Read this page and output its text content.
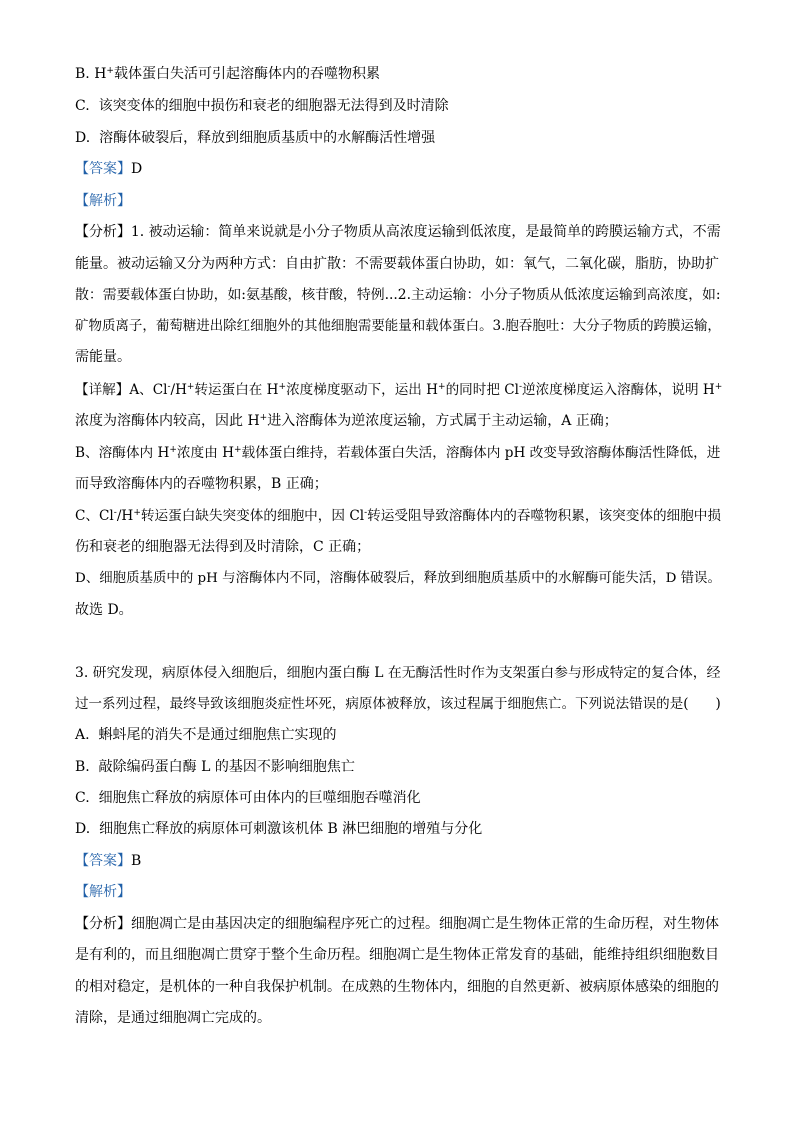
B. H+载体蛋白失活可引起溶酶体内的吞噬物积累
C. 该突变体的细胞中损伤和衰老的细胞器无法得到及时清除
D. 溶酶体破裂后，释放到细胞质基质中的水解酶活性增强
【答案】D
【解析】
【分析】1. 被动运输：简单来说就是小分子物质从高浓度运输到低浓度，是最简单的跨膜运输方式，不需
能量。被动运输又分为两种方式：自由扩散：不需要载体蛋白协助，如：氧气，二氧化碳，脂肪，协助扩
散：需要载体蛋白协助，如:氨基酸，核苷酸，特例...2.主动运输：小分子物质从低浓度运输到高浓度，如:
矿物质离子，葡萄糖进出除红细胞外的其他细胞需要能量和载体蛋白。3.胞吞胞吐：大分子物质的跨膜运输，
需能量。
【详解】A、Cl-/H+转运蛋白在 H+浓度梯度驱动下，运出 H+的同时把 Cl-逆浓度梯度运入溶酶体，说明 H+
浓度为溶酶体内较高，因此 H+进入溶酶体为逆浓度运输，方式属于主动运输，A 正确；
B、溶酶体内 H+浓度由 H+载体蛋白维持，若载体蛋白失活，溶酶体内 pH 改变导致溶酶体酶活性降低，进
而导致溶酶体内的吞噬物积累，B 正确；
C、Cl-/H+转运蛋白缺失突变体的细胞中，因 Cl-转运受阻导致溶酶体内的吞噬物积累，该突变体的细胞中损
伤和衰老的细胞器无法得到及时清除，C 正确；
D、细胞质基质中的 pH 与溶酶体内不同，溶酶体破裂后，释放到细胞质基质中的水解酶可能失活，D 错误。
故选 D。
3. 研究发现，病原体侵入细胞后，细胞内蛋白酶 L 在无酶活性时作为支架蛋白参与形成特定的复合体，经
过一系列过程，最终导致该细胞炎症性坏死，病原体被释放，该过程属于细胞焦亡。下列说法错误的是(　　)
A. 蝌蚪尾的消失不是通过细胞焦亡实现的
B. 敲除编码蛋白酶 L 的基因不影响细胞焦亡
C. 细胞焦亡释放的病原体可由体内的巨噬细胞吞噬消化
D. 细胞焦亡释放的病原体可刺激该机体 B 淋巴细胞的增殖与分化
【答案】B
【解析】
【分析】细胞凋亡是由基因决定的细胞编程序死亡的过程。细胞凋亡是生物体正常的生命历程，对生物体
是有利的，而且细胞凋亡贯穿于整个生命历程。细胞凋亡是生物体正常发育的基础，能维持组织细胞数目
的相对稳定，是机体的一种自我保护机制。在成熟的生物体内，细胞的自然更新、被病原体感染的细胞的
清除，是通过细胞凋亡完成的。
